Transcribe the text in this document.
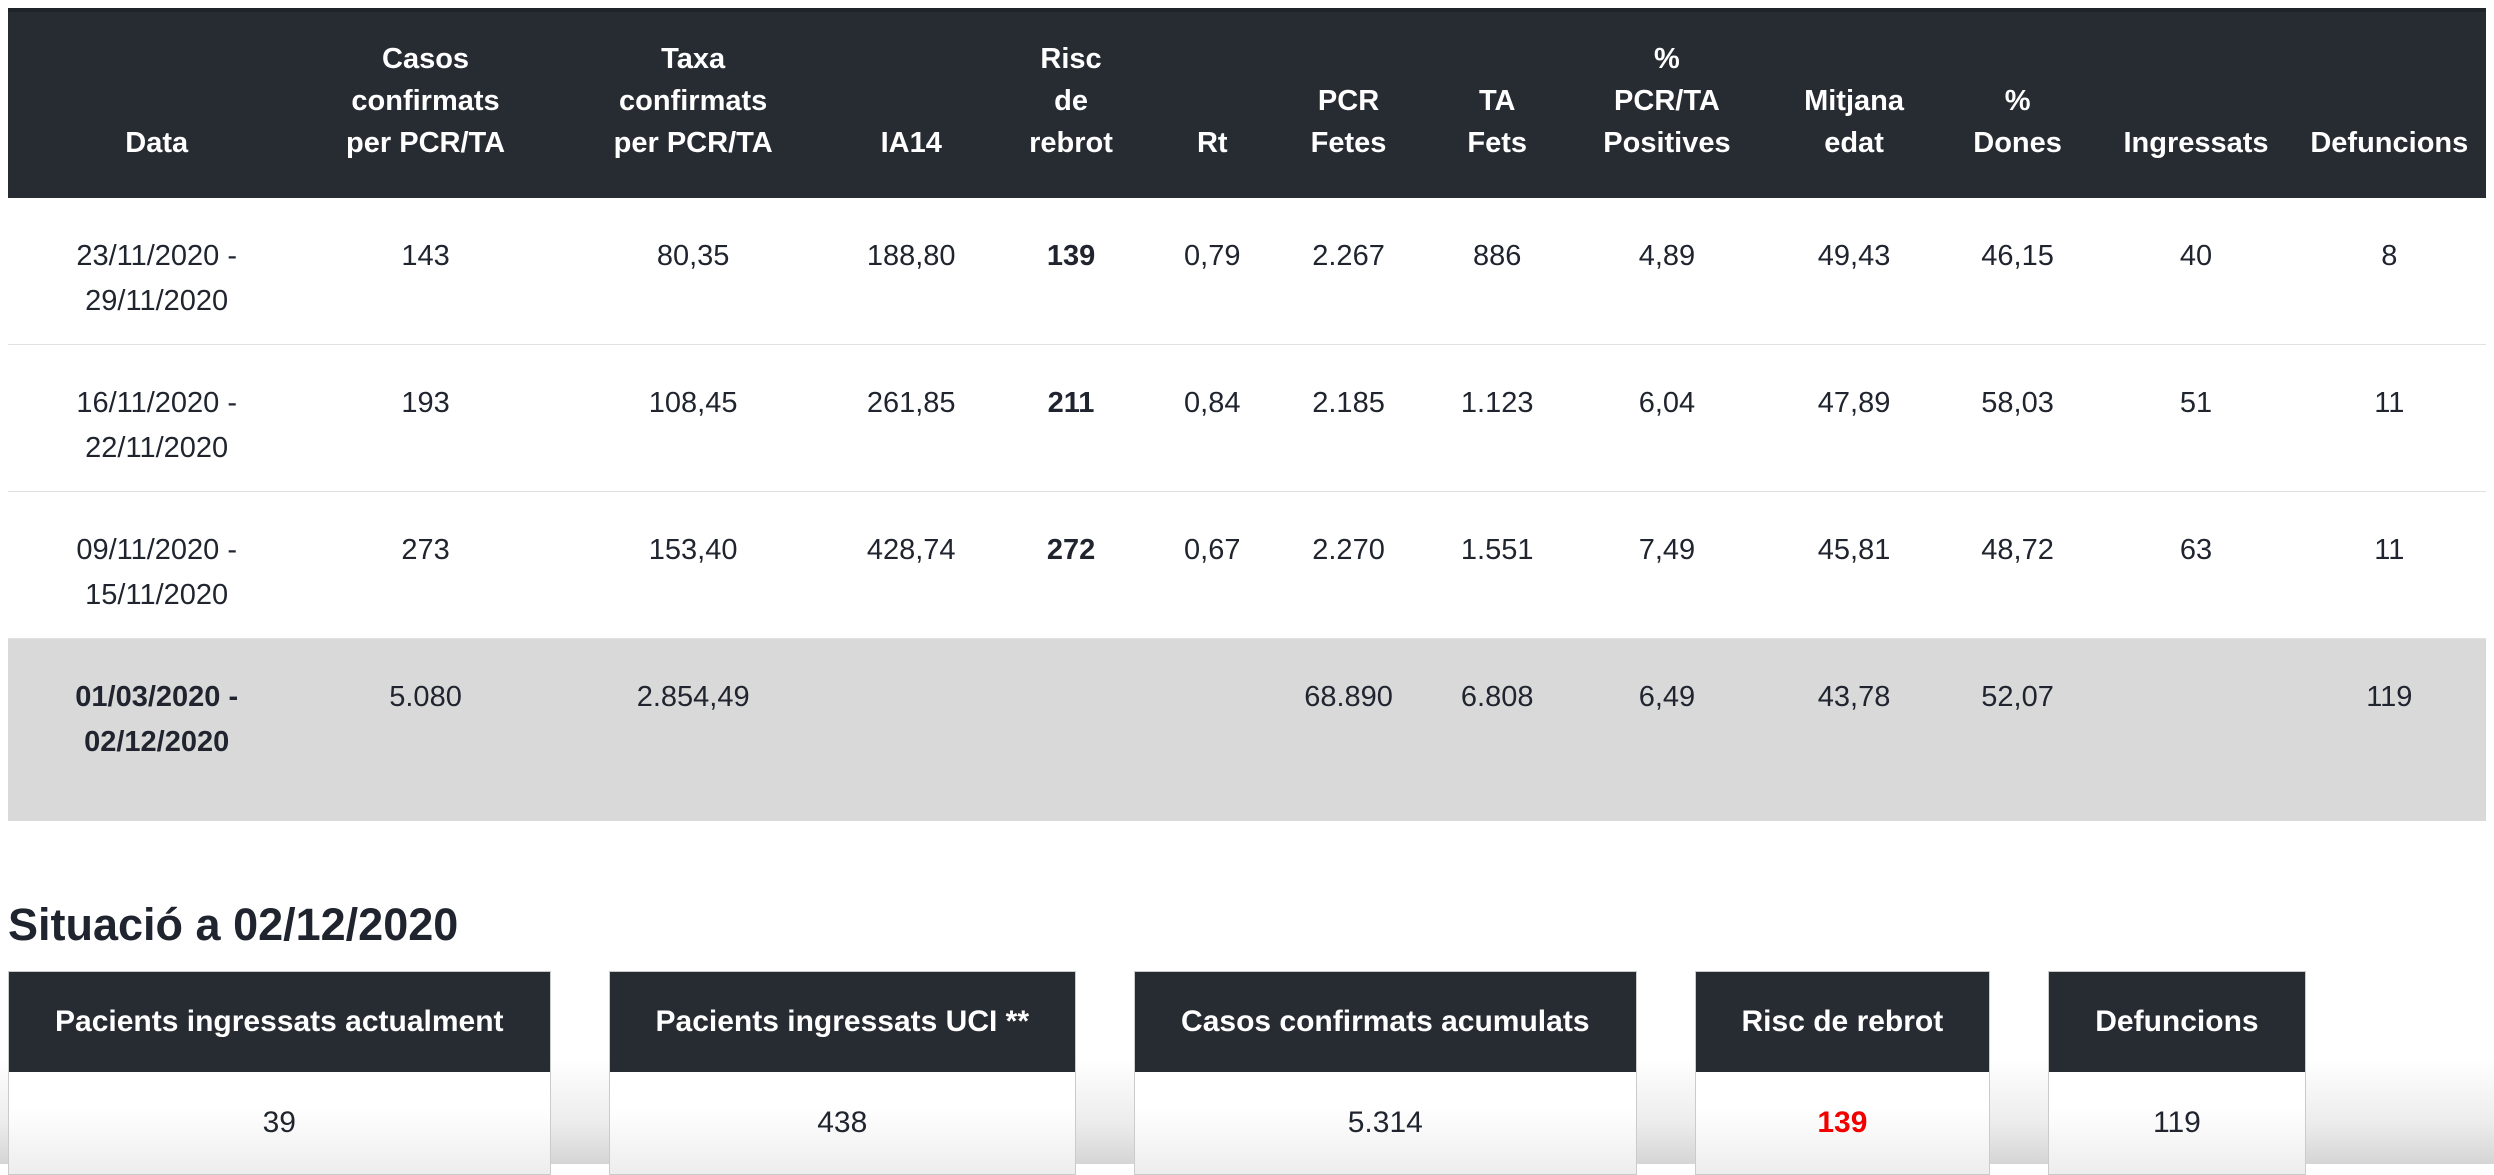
Data	Casos
confirmats
per PCR/TA	Taxa
confirmats
per PCR/TA	IA14	Risc
de
rebrot	Rt	PCR
Fetes	TA
Fets	%
PCR/TA
Positives	Mitjana
edat	%
Dones	Ingressats	Defuncions
23/11/2020 -
29/11/2020	143	80,35	188,80	139	0,79	2.267	886	4,89	49,43	46,15	40	8
16/11/2020 -
22/11/2020	193	108,45	261,85	211	0,84	2.185	1.123	6,04	47,89	58,03	51	11
09/11/2020 -
15/11/2020	273	153,40	428,74	272	0,67	2.270	1.551	7,49	45,81	48,72	63	11
01/03/2020 -
02/12/2020	5.080	2.854,49				68.890	6.808	6,49	43,78	52,07		119
Situació a 02/12/2020
Pacients ingressats actualment
39
Pacients ingressats UCI **
438
Casos confirmats acumulats
5.314
Risc de rebrot
139
Defuncions
119
